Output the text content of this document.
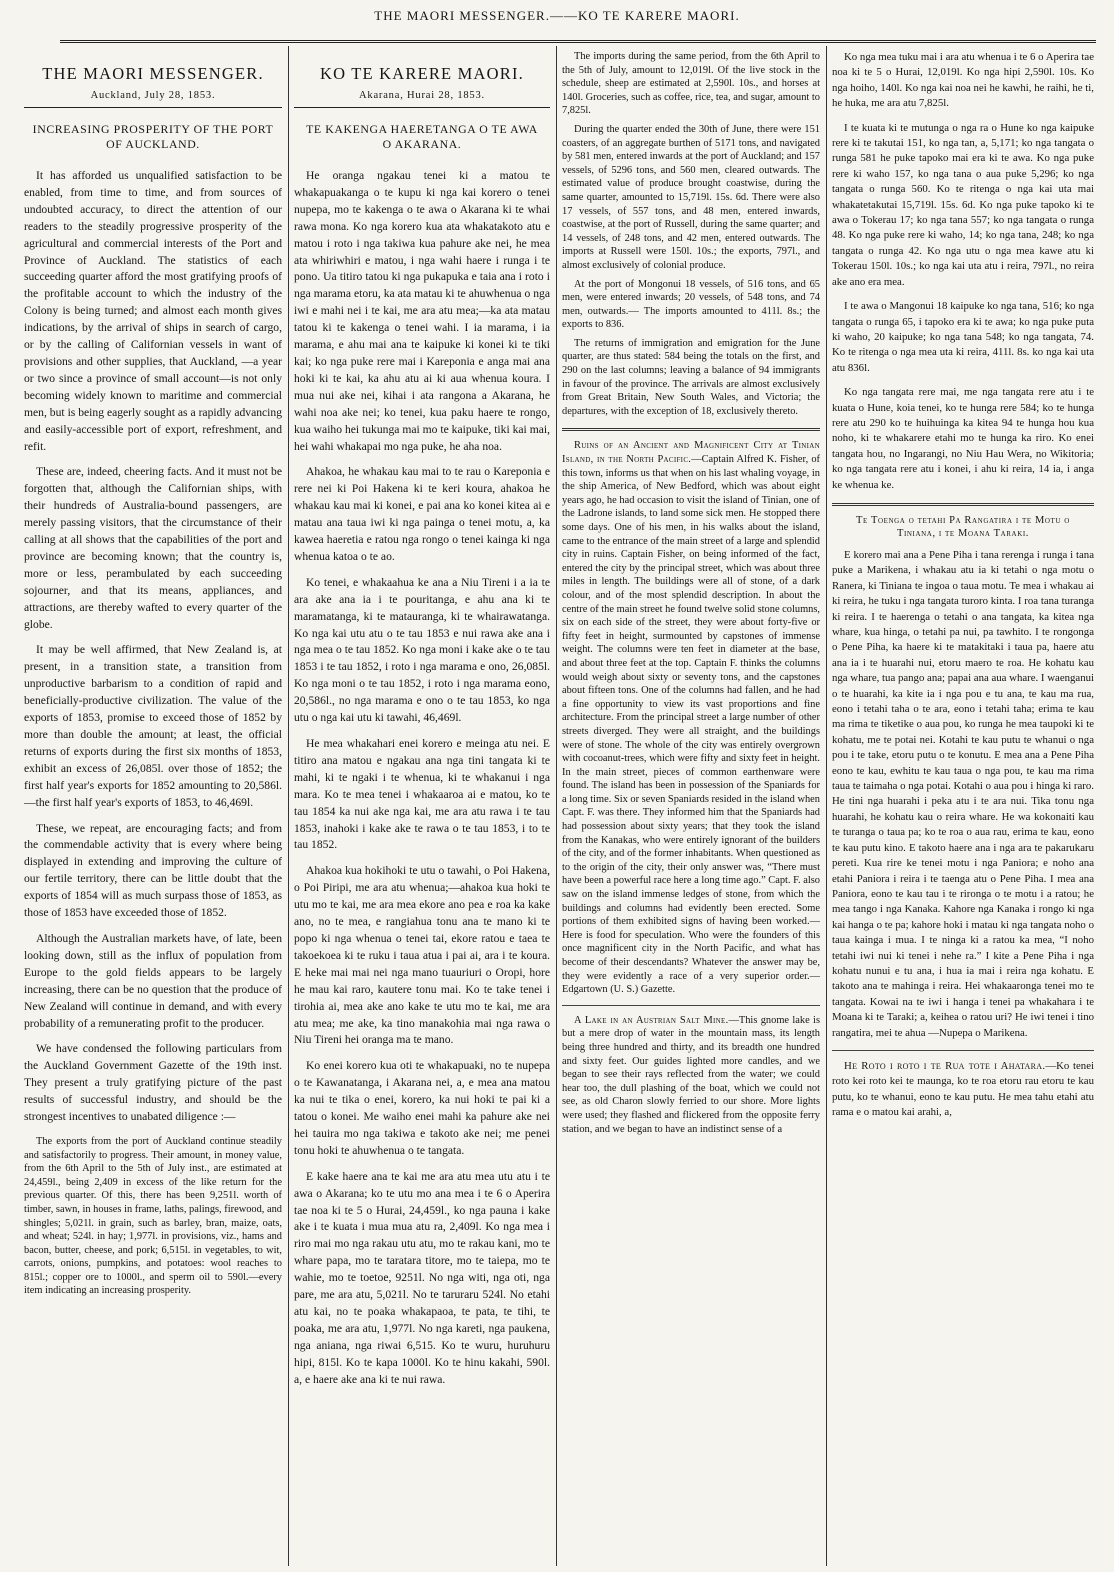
THE MAORI MESSENGER.——KO TE KARERE MAORI.
THE MAORI MESSENGER.
Auckland, July 28, 1853.
INCREASING PROSPERITY OF THE PORT OF AUCKLAND.

It has afforded us unqualified satisfaction to be enabled, from time to time, and from sources of undoubted accuracy, to direct the attention of our readers to the steadily progressive prosperity of the agricultural and commercial interests of the Port and Province of Auckland. The statistics of each succeeding quarter afford the most gratifying proofs of the profitable account to which the industry of the Colony is being turned; and almost each month gives indications, by the arrival of ships in search of cargo, or by the calling of Californian vessels in want of provisions and other supplies, that Auckland, —a year or two since a province of small account—is not only becoming widely known to maritime and commercial men, but is being eagerly sought as a rapidly advancing and easily-accessible port of export, refreshment, and refit.

These are, indeed, cheering facts. And it must not be forgotten that, although the Californian ships, with their hundreds of Australia-bound passengers, are merely passing visitors, that the circumstance of their calling at all shows that the capabilities of the port and province are becoming known; that the country is, more or less, perambulated by each succeeding sojourner, and that its means, appliances, and attractions, are thereby wafted to every quarter of the globe.

It may be well affirmed, that New Zealand is, at present, in a transition state, a transition from unproductive barbarism to a condition of rapid and beneficially-productive civilization. The value of the exports of 1853, promise to exceed those of 1852 by more than double the amount; at least, the official returns of exports during the first six months of 1853, exhibit an excess of 26,085l. over those of 1852; the first half year's exports for 1852 amounting to 20,586l. —the first half year's exports of 1853, to 46,469l.

These, we repeat, are encouraging facts; and from the commendable activity that is every where being displayed in extending and improving the culture of our fertile territory, there can be little doubt that the exports of 1854 will as much surpass those of 1853, as those of 1853 have exceeded those of 1852.

Although the Australian markets have, of late, been looking down, still as the influx of population from Europe to the gold fields appears to be largely increasing, there can be no question that the produce of New Zealand will continue in demand, and with every probability of a remunerating profit to the producer.

We have condensed the following particulars from the Auckland Government Gazette of the 19th inst. They present a truly gratifying picture of the past results of successful industry, and should be the strongest incentives to unabated diligence :—

The exports from the port of Auckland continue steadily and satisfactorily to progress. Their amount, in money value, from the 6th April to the 5th of July inst., are estimated at 24,459l., being 2,409 in excess of the like return for the previous quarter. Of this, there has been 9,251l. worth of timber, sawn, in houses in frame, laths, palings, firewood, and shingles; 5,021l. in grain, such as barley, bran, maize, oats, and wheat; 524l. in hay; 1,977l. in provisions, viz., hams and bacon, butter, cheese, and pork; 6,515l. in vegetables, to wit, carrots, onions, pumpkins, and potatoes: wool reaches to 815l.; copper ore to 1000l., and sperm oil to 590l.—every item indicating an increasing prosperity.

KO TE KARERE MAORI.
Akarana, Hurai 28, 1853.
TE KAKENGA HAERETANGA O TE AWA O AKARANA.

He oranga ngakau tenei ki a matou te whakapuakanga o te kupu ki nga kai korero o tenei nupepa, mo te kakenga o te awa o Akarana ki te whai rawa mona. Ko nga korero kua ata whakatakoto atu e matou i roto i nga takiwa kua pahure ake nei, he mea ata whiriwhiri e matou, i nga wahi haere i runga i te pono. Ua titiro tatou ki nga pukapuka e taia ana i roto i nga marama etoru, ka ata matau ki te ahuwhenua o nga iwi e mahi nei i te kai, me ara atu mea;—ka ata matau tatou ki te kakenga o tenei wahi. I ia marama, i ia marama, e ahu mai ana te kaipuke ki konei ki te tiki kai; ko nga puke rere mai i Kareponia e anga mai ana hoki ki te kai, ka ahu atu ai ki aua whenua koura. I mua nui ake nei, kihai i ata rangona a Akarana, he wahi noa ake nei; ko tenei, kua paku haere te rongo, kua waiho hei tukunga mai mo te kaipuke, tiki kai mai, hei wahi whakapai mo nga puke, he aha noa.

Ahakoa, he whakau kau mai to te rau o Kareponia e rere nei ki Poi Hakena ki te keri koura, ahakoa he whakau kau mai ki konei, e pai ana ko konei kitea ai e matau ana taua iwi ki nga painga o tenei motu, a, ka kawea haeretia e ratou nga rongo o tenei kainga ki nga whenua katoa o te ao.

Ko tenei, e whakaahua ke ana a Niu Tireni i a ia te ara ake ana ia i te pouritanga, e ahu ana ki te maramatanga, ki te matauranga, ki te whairawatanga. Ko nga kai utu atu o te tau 1853 e nui rawa ake ana i nga mea o te tau 1852. Ko nga moni i kake ake o te tau 1853 i te tau 1852, i roto i nga marama e ono, 26,085l. Ko nga moni o te tau 1852, i roto i nga marama eono, 20,586l., no nga marama e ono o te tau 1853, ko nga utu o nga kai utu ki tawahi, 46,469l.

He mea whakahari enei korero e meinga atu nei. E titiro ana matou e ngakau ana nga tini tangata ki te mahi, ki te ngaki i te whenua, ki te whakanui i nga mara. Ko te mea tenei i whakaaroa ai e matou, ko te tau 1854 ka nui ake nga kai, me ara atu rawa i te tau 1853, inahoki i kake ake te rawa o te tau 1853, i to te tau 1852.

Ahakoa kua hokihoki te utu o tawahi, o Poi Hakena, o Poi Piripi, me ara atu whenua;—ahakoa kua hoki te utu mo te kai, me ara mea ekore ano pea e roa ka kake ano, no te mea, e rangiahua tonu ana te mano ki te popo ki nga whenua o tenei tai, ekore ratou e taea te takoekoea ki te ruku i taua atua i pai ai, ara i te koura. E heke mai mai nei nga mano tuauriuri o Oropi, hore he mau kai raro, kautere tonu mai. Ko te take tenei i tirohia ai, mea ake ano kake te utu mo te kai, me ara atu mea; me ake, ka tino manakohia mai nga rawa o Niu Tireni hei oranga ma te mano.

Ko enei korero kua oti te whakapuaki, no te nupepa o te Kawanatanga, i Akarana nei, a, e mea ana matou ka nui te tika o enei, korero, ka nui hoki te pai ki a tatou o konei. Me waiho enei mahi ka pahure ake nei hei tauira mo nga takiwa e takoto ake nei; me penei tonu hoki te ahuwhenua o te tangata.

E kake haere ana te kai me ara atu mea utu atu i te awa o Akarana; ko te utu mo ana mea i te 6 o Aperira tae noa ki te 5 o Hurai, 24,459l., ko nga pauna i kake ake i te kuata i mua mua atu ra, 2,409l. Ko nga mea i riro mai mo nga rakau utu atu, mo te rakau kani, mo te whare papa, mo te taratara titore, mo te taiepa, mo te wahie, mo te toetoe, 9251l. No nga witi, nga oti, nga pare, me ara atu, 5,021l. No te taruraru 524l. No etahi atu kai, no te poaka whakapaoa, te pata, te tihi, te poaka, me ara atu, 1,977l. No nga kareti, nga paukena, nga aniana, nga riwai 6,515. Ko te wuru, huruhuru hipi, 815l. Ko te kapa 1000l. Ko te hinu kakahi, 590l. a, e haere ake ana ki te nui rawa.

The imports during the same period, from the 6th April to the 5th of July, amount to 12,019l. Of the live stock in the schedule, sheep are estimated at 2,590l. 10s., and horses at 140l. Groceries, such as coffee, rice, tea, and sugar, amount to 7,825l.

During the quarter ended the 30th of June, there were 151 coasters, of an aggregate burthen of 5171 tons, and navigated by 581 men, entered inwards at the port of Auckland; and 157 vessels, of 5296 tons, and 560 men, cleared outwards. The estimated value of produce brought coastwise, during the same quarter, amounted to 15,719l. 15s. 6d. There were also 17 vessels, of 557 tons, and 48 men, entered inwards, coastwise, at the port of Russell, during the same quarter; and 14 vessels, of 248 tons, and 42 men, entered outwards. The imports at Russell were 150l. 10s.; the exports, 797l., and almost exclusively of colonial produce.

At the port of Mongonui 18 vessels, of 516 tons, and 65 men, were entered inwards; 20 vessels, of 548 tons, and 74 men, outwards.— The imports amounted to 411l. 8s.; the exports to 836.

The returns of immigration and emigration for the June quarter, are thus stated: 584 being the totals on the first, and 290 on the last columns; leaving a balance of 94 immigrants in favour of the province. The arrivals are almost exclusively from Great Britain, New South Wales, and Victoria; the departures, with the exception of 18, exclusively thereto.

Ruins of an Ancient and Magnificent City at Tinian Island, in the North Pacific.—Captain Alfred K. Fisher, of this town, informs us that when on his last whaling voyage, in the ship America, of New Bedford, which was about eight years ago, he had occasion to visit the island of Tinian, one of the Ladrone islands, to land some sick men. He stopped there some days. One of his men, in his walks about the island, came to the entrance of the main street of a large and splendid city in ruins. Captain Fisher, on being informed of the fact, entered the city by the principal street, which was about three miles in length. The buildings were all of stone, of a dark colour, and of the most splendid description. In about the centre of the main street he found twelve solid stone columns, six on each side of the street, they were about forty-five or fifty feet in height, surmounted by capstones of immense weight. The columns were ten feet in diameter at the base, and about three feet at the top. Captain F. thinks the columns would weigh about sixty or seventy tons, and the capstones about fifteen tons. One of the columns had fallen, and he had a fine opportunity to view its vast proportions and fine architecture. From the principal street a large number of other streets diverged. They were all straight, and the buildings were of stone. The whole of the city was entirely overgrown with cocoanut-trees, which were fifty and sixty feet in height. In the main street, pieces of common earthenware were found. The island has been in possession of the Spaniards for a long time. Six or seven Spaniards resided in the island when Capt. F. was there. They informed him that the Spaniards had had possession about sixty years; that they took the island from the Kanakas, who were entirely ignorant of the builders of the city, and of the former inhabitants. When questioned as to the origin of the city, their only answer was, “There must have been a powerful race here a long time ago.” Capt. F. also saw on the island immense ledges of stone, from which the buildings and columns had evidently been erected. Some portions of them exhibited signs of having been worked.—Here is food for speculation. Who were the founders of this once magnificent city in the North Pacific, and what has become of their descendants? Whatever the answer may be, they were evidently a race of a very superior order.—Edgartown (U. S.) Gazette.

A Lake in an Austrian Salt Mine.—This gnome lake is but a mere drop of water in the mountain mass, its length being three hundred and thirty, and its breadth one hundred and sixty feet. Our guides lighted more candles, and we began to see their rays reflected from the water; we could hear too, the dull plashing of the boat, which we could not see, as old Charon slowly ferried to our shore. More lights were used; they flashed and flickered from the opposite ferry station, and we began to have an indistinct sense of a

Ko nga mea tuku mai i ara atu whenua i te 6 o Aperira tae noa ki te 5 o Hurai, 12,019l. Ko nga hipi 2,590l. 10s. Ko nga hoiho, 140l. Ko nga kai noa nei he kawhi, he raihi, he ti, he huka, me ara atu 7,825l.

I te kuata ki te mutunga o nga ra o Hune ko nga kaipuke rere ki te takutai 151, ko nga tan, a, 5,171; ko nga tangata o runga 581 he puke tapoko mai era ki te awa. Ko nga puke rere ki waho 157, ko nga tana o aua puke 5,296; ko nga tangata o runga 560. Ko te ritenga o nga kai uta mai whakatetakutai 15,719l. 15s. 6d. Ko nga puke tapoko ki te awa o Tokerau 17; ko nga tana 557; ko nga tangata o runga 48. Ko nga puke rere ki waho, 14; ko nga tana, 248; ko nga tangata o runga 42. Ko nga utu o nga mea kawe atu ki Tokerau 150l. 10s.; ko nga kai uta atu i reira, 797l., no reira ake ano era mea.

I te awa o Mangonui 18 kaipuke ko nga tana, 516; ko nga tangata o runga 65, i tapoko era ki te awa; ko nga puke puta ki waho, 20 kaipuke; ko nga tana 548; ko nga tangata, 74. Ko te ritenga o nga mea uta ki reira, 411l. 8s. ko nga kai uta atu 836l.

Ko nga tangata rere mai, me nga tangata rere atu i te kuata o Hune, koia tenei, ko te hunga rere 584; ko te hunga rere atu 290 ko te huihuinga ka kitea 94 te hunga hou kua noho, ki te whakarere etahi mo te hunga ka riro. Ko enei tangata hou, no Ingarangi, no Niu Hau Wera, no Wikitoria; ko nga tangata rere atu i konei, i ahu ki reira, 14 ia, i anga ke whenua ke.

Te Toenga o tetahi Pa Rangatira i te Motu o Tiniana, i te Moana Taraki.

E korero mai ana a Pene Piha i tana rerenga i runga i tana puke a Marikena, i whakau atu ia ki tetahi o nga motu o Ranera, ki Tiniana te ingoa o taua motu. Te mea i whakau ai ki reira, he tuku i nga tangata turoro kinta. I roa tana turanga ki reira. I te haerenga o tetahi o ana tangata, ka kitea nga whare, kua hinga, o tetahi pa nui, pa tawhito. I te rongonga o Pene Piha, ka haere ki te matakitaki i taua pa, haere atu ana ia i te huarahi nui, etoru maero te roa. He kohatu kau nga whare, tua pango ana; papai ana aua whare. I waenganui o te huarahi, ka kite ia i nga pou e tu ana, te kau ma rua, eono i tetahi taha o te ara, eono i tetahi taha; erima te kau ma rima te tiketike o aua pou, ko runga he mea taupoki ki te kohatu, me te potai nei. Kotahi te kau putu te whanui o nga pou i te take, etoru putu o te konutu. E mea ana a Pene Piha eono te kau, ewhitu te kau taua o nga pou, te kau ma rima taua te taimaha o nga potai. Kotahi o aua pou i hinga ki raro. He tini nga huarahi i peka atu i te ara nui. Tika tonu nga huarahi, he kohatu kau o reira whare. He wa kokonaiti kau te turanga o taua pa; ko te roa o aua rau, erima te kau, eono te kau putu kino. E takoto haere ana i nga ara te pakarukaru pereti. Kua rire ke tenei motu i nga Paniora; e noho ana etahi Paniora i reira i te taenga atu o Pene Piha. I mea ana Paniora, eono te kau tau i te rironga o te motu i a ratou; he mea tango i nga Kanaka. Kahore nga Kanaka i rongo ki nga kai hanga o te pa; kahore hoki i matau ki nga tangata noho o taua kainga i mua. I te ninga ki a ratou ka mea, “I noho tetahi iwi nui ki tenei i nehe ra.” I kite a Pene Piha i nga kohatu nunui e tu ana, i hua ia mai i reira nga kohatu. E takoto ana te mahinga i reira. Hei whakaaronga tenei mo te tangata. Kowai na te iwi i hanga i tenei pa whakahara i te Moana ki te Taraki; a, keihea o ratou uri? He iwi tenei i tino rangatira, mei te ahua —Nupepa o Marikena.

He Roto i roto i te Rua tote i Ahatara.—Ko tenei roto kei roto kei te maunga, ko te roa etoru rau etoru te kau putu, ko te whanui, eono te kau putu. He mea tahu etahi atu rama e o matou kai arahi, a,
